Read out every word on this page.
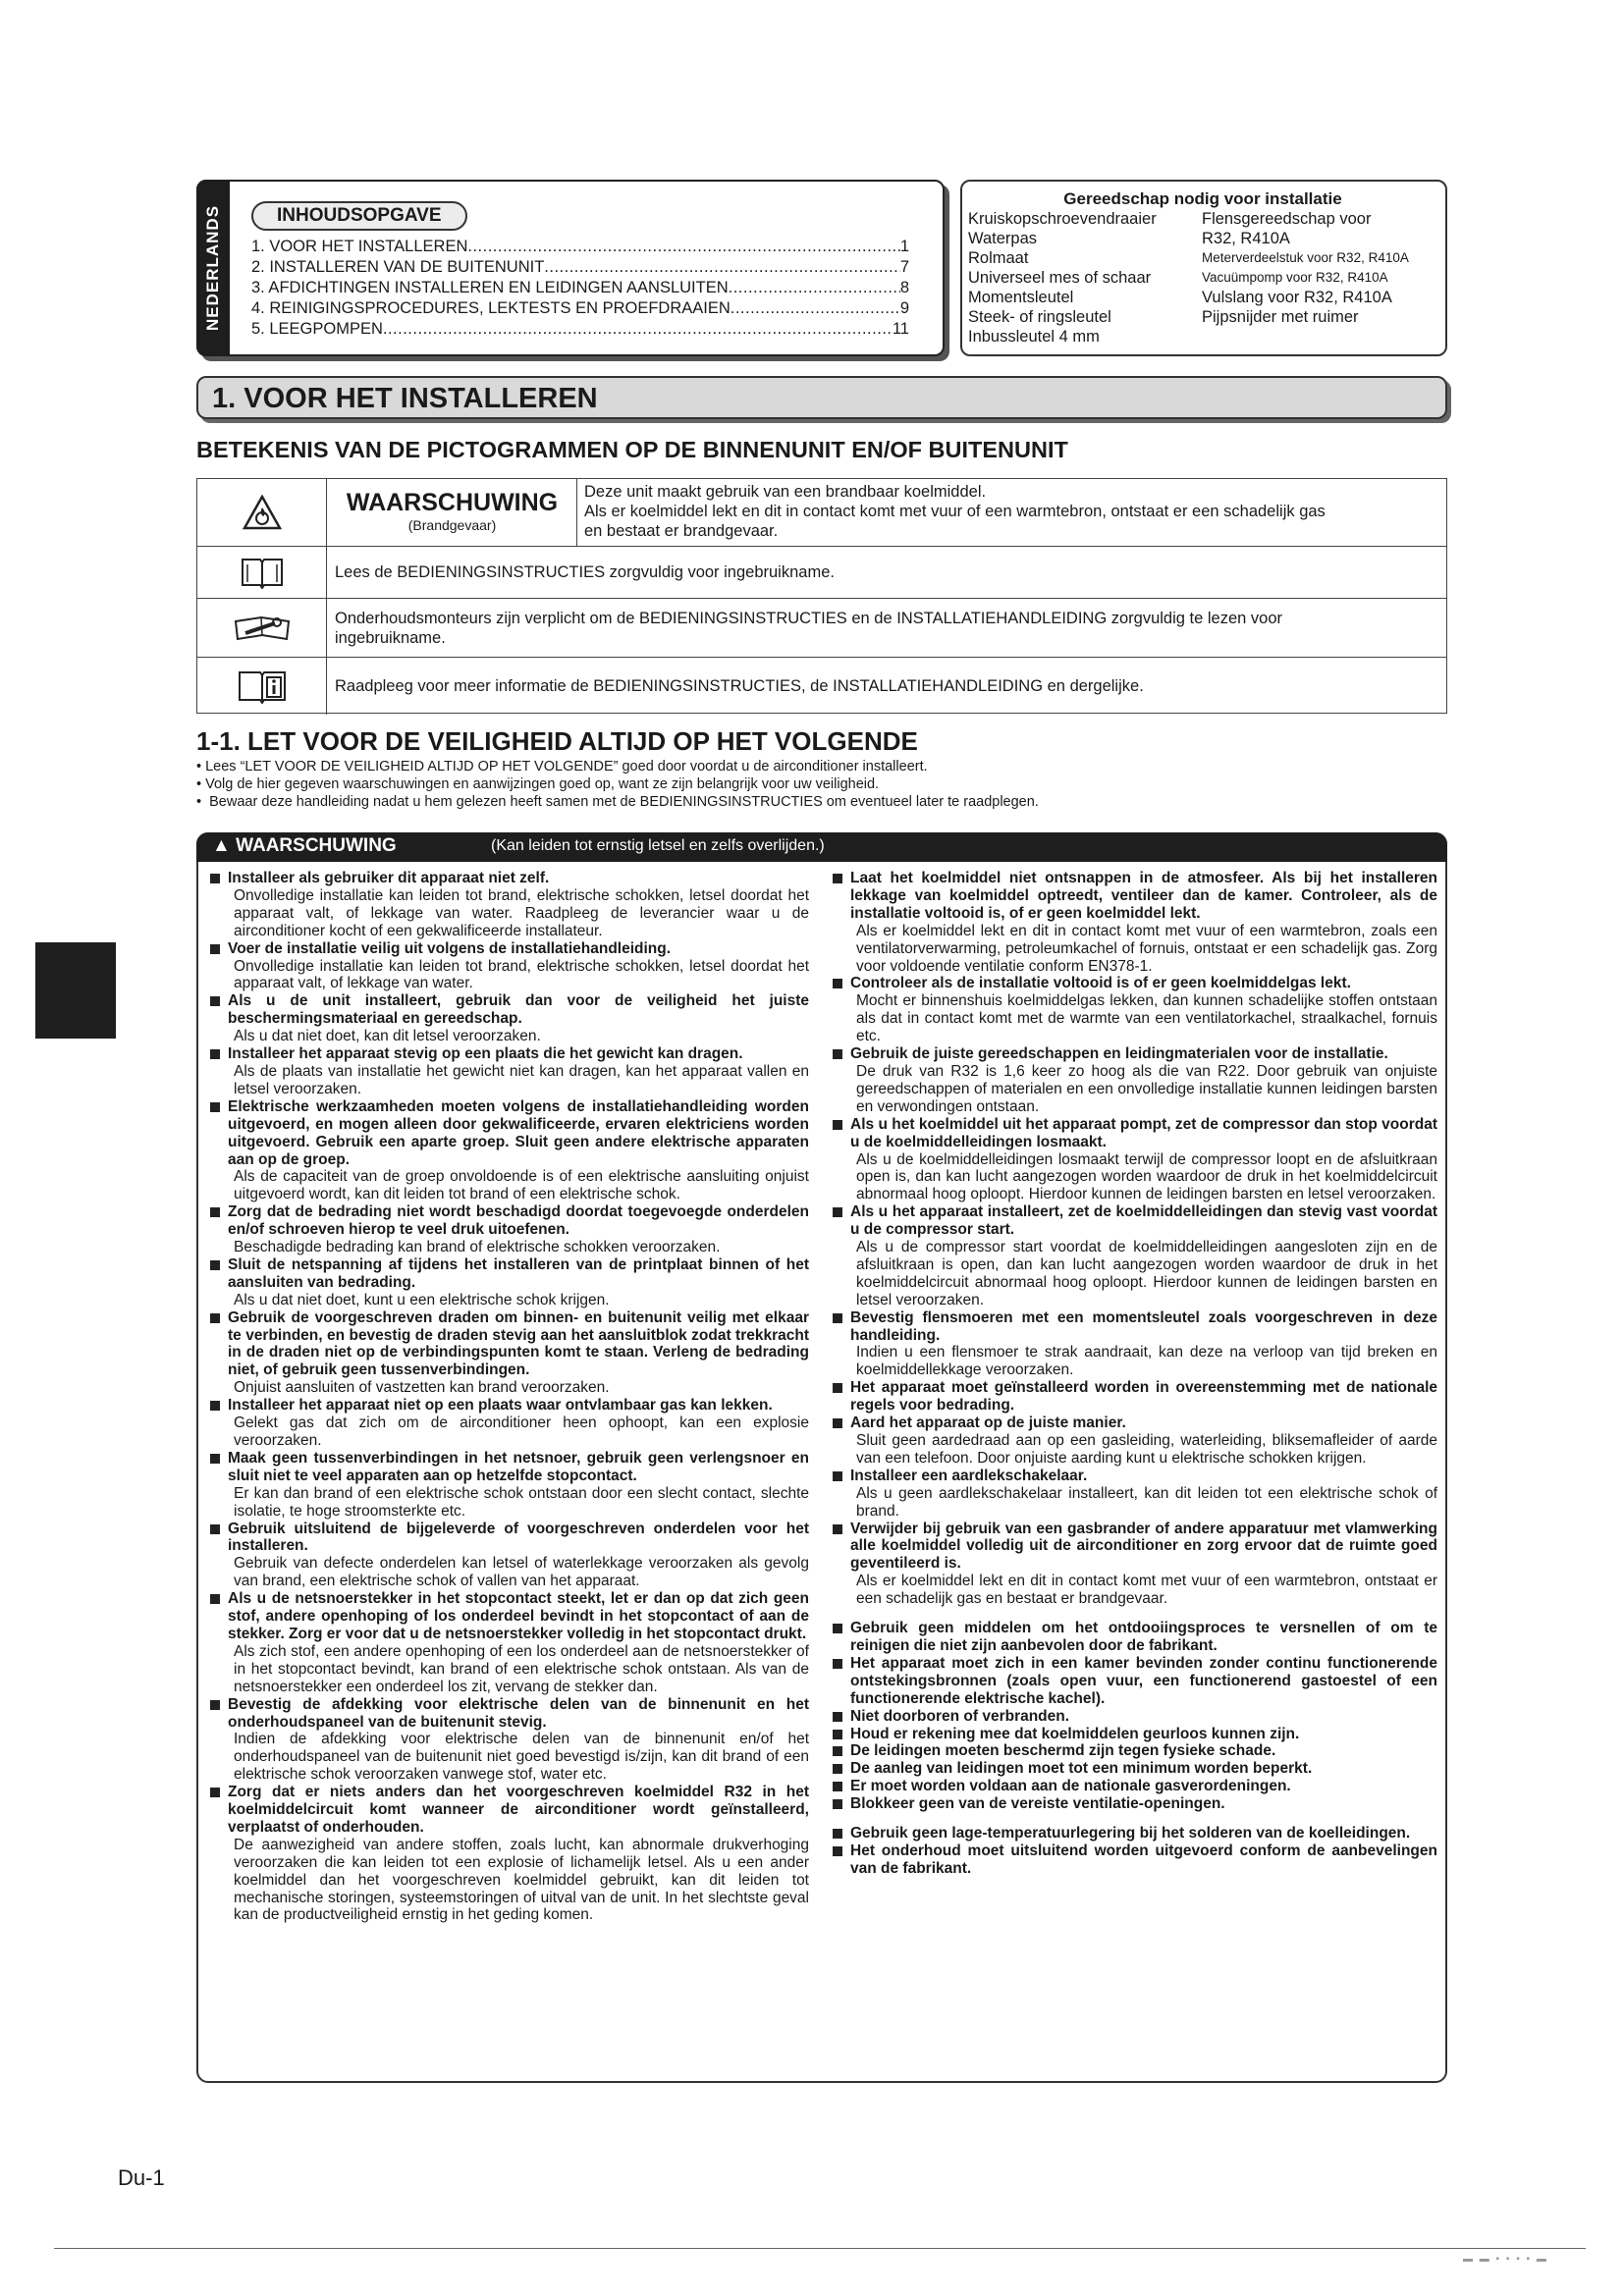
NEDERLANDS	INHOUDSOPGAVE
1. VOOR HET INSTALLEREN .....	1
2. INSTALLEREN VAN DE BUITENUNIT .....	7
3. AFDICHTINGEN INSTALLEREN EN LEIDINGEN AANSLUITEN .....	8
4. REINIGINGSPROCEDURES, LEKTESTS EN PROEFDRAAIEN .....	9
5. LEEGPOMPEN .....	11
Gereedschap nodig voor installatie
Kruiskopschroevendraaier	Flensgereedschap voor
Waterpas	R32, R410A
Rolmaat	Meterverdeelstuk voor R32, R410A
Universeel mes of schaar	Vacuümpomp voor R32, R410A
Momentsleutel	Vulslang voor R32, R410A
Steek- of ringsleutel	Pijpsnijder met ruimer
Inbussleutel 4 mm
1. VOOR HET INSTALLEREN
BETEKENIS VAN DE PICTOGRAMMEN OP DE BINNENUNIT EN/OF BUITENUNIT
WAARSCHUWING
(Brandgevaar)
Deze unit maakt gebruik van een brandbaar koelmiddel.
Als er koelmiddel lekt en dit in contact komt met vuur of een warmtebron, ontstaat er een schadelijk gas
en bestaat er brandgevaar.
Lees de BEDIENINGSINSTRUCTIES zorgvuldig voor ingebruikname.
Onderhoudsmonteurs zijn verplicht om de BEDIENINGSINSTRUCTIES en de INSTALLATIEHANDLEIDING zorgvuldig te lezen voor
ingebruikname.
Raadpleeg voor meer informatie de BEDIENINGSINSTRUCTIES, de INSTALLATIEHANDLEIDING en dergelijke.
1-1. LET VOOR DE VEILIGHEID ALTIJD OP HET VOLGENDE
• Lees “LET VOOR DE VEILIGHEID ALTIJD OP HET VOLGENDE” goed door voordat u de airconditioner installeert.
• Volg de hier gegeven waarschuwingen en aanwijzingen goed op, want ze zijn belangrijk voor uw veiligheid.
•  Bewaar deze handleiding nadat u hem gelezen heeft samen met de BEDIENINGSINSTRUCTIES om eventueel later te raadplegen.
▲ WAARSCHUWING	(Kan leiden tot ernstig letsel en zelfs overlijden.)
Installeer als gebruiker dit apparaat niet zelf.
Onvolledige installatie kan leiden tot brand, elektrische schokken, letsel doordat het apparaat valt, of lekkage van water. Raadpleeg de leverancier waar u de airconditioner kocht of een gekwalificeerde installateur.
Voer de installatie veilig uit volgens de installatiehandleiding.
Onvolledige installatie kan leiden tot brand, elektrische schokken, letsel doordat het apparaat valt, of lekkage van water.
Als u de unit installeert, gebruik dan voor de veiligheid het juiste beschermingsmateriaal en gereedschap.
Als u dat niet doet, kan dit letsel veroorzaken.
Installeer het apparaat stevig op een plaats die het gewicht kan dragen.
Als de plaats van installatie het gewicht niet kan dragen, kan het apparaat vallen en letsel veroorzaken.
Elektrische werkzaamheden moeten volgens de installatiehandleiding worden uitgevoerd, en mogen alleen door gekwalificeerde, ervaren elektriciens worden uitgevoerd. Gebruik een aparte groep. Sluit geen andere elektrische apparaten aan op de groep.
Als de capaciteit van de groep onvoldoende is of een elektrische aansluiting onjuist uitgevoerd wordt, kan dit leiden tot brand of een elektrische schok.
Zorg dat de bedrading niet wordt beschadigd doordat toegevoegde onderdelen en/of schroeven hierop te veel druk uitoefenen.
Beschadigde bedrading kan brand of elektrische schokken veroorzaken.
Sluit de netspanning af tijdens het installeren van de printplaat binnen of het aansluiten van bedrading.
Als u dat niet doet, kunt u een elektrische schok krijgen.
Gebruik de voorgeschreven draden om binnen- en buitenunit veilig met elkaar te verbinden, en bevestig de draden stevig aan het aansluitblok zodat trekkracht in de draden niet op de verbindingspunten komt te staan. Verleng de bedrading niet, of gebruik geen tussenverbindingen.
Onjuist aansluiten of vastzetten kan brand veroorzaken.
Installeer het apparaat niet op een plaats waar ontvlambaar gas kan lekken.
Gelekt gas dat zich om de airconditioner heen ophoopt, kan een explosie veroorzaken.
Maak geen tussenverbindingen in het netsnoer, gebruik geen verlengsnoer en sluit niet te veel apparaten aan op hetzelfde stopcontact.
Er kan dan brand of een elektrische schok ontstaan door een slecht contact, slechte isolatie, te hoge stroomsterkte etc.
Gebruik uitsluitend de bijgeleverde of voorgeschreven onderdelen voor het installeren.
Gebruik van defecte onderdelen kan letsel of waterlekkage veroorzaken als gevolg van brand, een elektrische schok of vallen van het apparaat.
Als u de netsnoerstekker in het stopcontact steekt, let er dan op dat zich geen stof, andere openhoping of los onderdeel bevindt in het stopcontact of aan de stekker. Zorg er voor dat u de netsnoerstekker volledig in het stopcontact drukt.
Als zich stof, een andere openhoping of een los onderdeel aan de netsnoerstekker of in het stopcontact bevindt, kan brand of een elektrische schok ontstaan. Als van de netsnoerstekker een onderdeel los zit, vervang de stekker dan.
Bevestig de afdekking voor elektrische delen van de binnenunit en het onderhoudspaneel van de buitenunit stevig.
Indien de afdekking voor elektrische delen van de binnenunit en/of het onderhoudspaneel van de buitenunit niet goed bevestigd is/zijn, kan dit brand of een elektrische schok veroorzaken vanwege stof, water etc.
Zorg dat er niets anders dan het voorgeschreven koelmiddel R32 in het koelmiddelcircuit komt wanneer de airconditioner wordt geïnstalleerd, verplaatst of onderhouden.
De aanwezigheid van andere stoffen, zoals lucht, kan abnormale drukverhoging veroorzaken die kan leiden tot een explosie of lichamelijk letsel. Als u een ander koelmiddel dan het voorgeschreven koelmiddel gebruikt, kan dit leiden tot mechanische storingen, systeemstoringen of uitval van de unit. In het slechtste geval kan de productveiligheid ernstig in het geding komen.
Laat het koelmiddel niet ontsnappen in de atmosfeer. Als bij het installeren lekkage van koelmiddel optreedt, ventileer dan de kamer. Controleer, als de installatie voltooid is, of er geen koelmiddel lekt.
Als er koelmiddel lekt en dit in contact komt met vuur of een warmtebron, zoals een ventilatorverwarming, petroleumkachel of fornuis, ontstaat er een schadelijk gas. Zorg voor voldoende ventilatie conform EN378-1.
Controleer als de installatie voltooid is of er geen koelmiddelgas lekt.
Mocht er binnenshuis koelmiddelgas lekken, dan kunnen schadelijke stoffen ontstaan als dat in contact komt met de warmte van een ventilatorkachel, straalkachel, fornuis etc.
Gebruik de juiste gereedschappen en leidingmaterialen voor de installatie.
De druk van R32 is 1,6 keer zo hoog als die van R22. Door gebruik van onjuiste gereedschappen of materialen en een onvolledige installatie kunnen leidingen barsten en verwondingen ontstaan.
Als u het koelmiddel uit het apparaat pompt, zet de compressor dan stop voordat u de koelmiddelleidingen losmaakt.
Als u de koelmiddelleidingen losmaakt terwijl de compressor loopt en de afsluitkraan open is, dan kan lucht aangezogen worden waardoor de druk in het koelmiddelcircuit abnormaal hoog oploopt. Hierdoor kunnen de leidingen barsten en letsel veroorzaken.
Als u het apparaat installeert, zet de koelmiddelleidingen dan stevig vast voordat u de compressor start.
Als u de compressor start voordat de koelmiddelleidingen aangesloten zijn en de afsluitkraan is open, dan kan lucht aangezogen worden waardoor de druk in het koelmiddelcircuit abnormaal hoog oploopt. Hierdoor kunnen de leidingen barsten en letsel veroorzaken.
Bevestig flensmoeren met een momentsleutel zoals voorgeschreven in deze handleiding.
Indien u een flensmoer te strak aandraait, kan deze na verloop van tijd breken en koelmiddellekkage veroorzaken.
Het apparaat moet geïnstalleerd worden in overeenstemming met de nationale regels voor bedrading.
Aard het apparaat op de juiste manier.
Sluit geen aardedraad aan op een gasleiding, waterleiding, bliksemafleider of aarde van een telefoon. Door onjuiste aarding kunt u elektrische schokken krijgen.
Installeer een aardlekschakelaar.
Als u geen aardlekschakelaar installeert, kan dit leiden tot een elektrische schok of brand.
Verwijder bij gebruik van een gasbrander of andere apparatuur met vlamwerking alle koelmiddel volledig uit de airconditioner en zorg ervoor dat de ruimte goed geventileerd is.
Als er koelmiddel lekt en dit in contact komt met vuur of een warmtebron, ontstaat er een schadelijk gas en bestaat er brandgevaar.
Gebruik geen middelen om het ontdooiingsproces te versnellen of om te reinigen die niet zijn aanbevolen door de fabrikant.
Het apparaat moet zich in een kamer bevinden zonder continu functionerende ontstekingsbronnen (zoals open vuur, een functionerend gastoestel of een functionerende elektrische kachel).
Niet doorboren of verbranden.
Houd er rekening mee dat koelmiddelen geurloos kunnen zijn.
De leidingen moeten beschermd zijn tegen fysieke schade.
De aanleg van leidingen moet tot een minimum worden beperkt.
Er moet worden voldaan aan de nationale gasverordeningen.
Blokkeer geen van de vereiste ventilatie-openingen.
Gebruik geen lage-temperatuurlegering bij het solderen van de koelleidingen.
Het onderhoud moet uitsluitend worden uitgevoerd conform de aanbevelingen van de fabrikant.
Du-1
▬ ▬ ▪ ▪ ▪ ▪ ▬
